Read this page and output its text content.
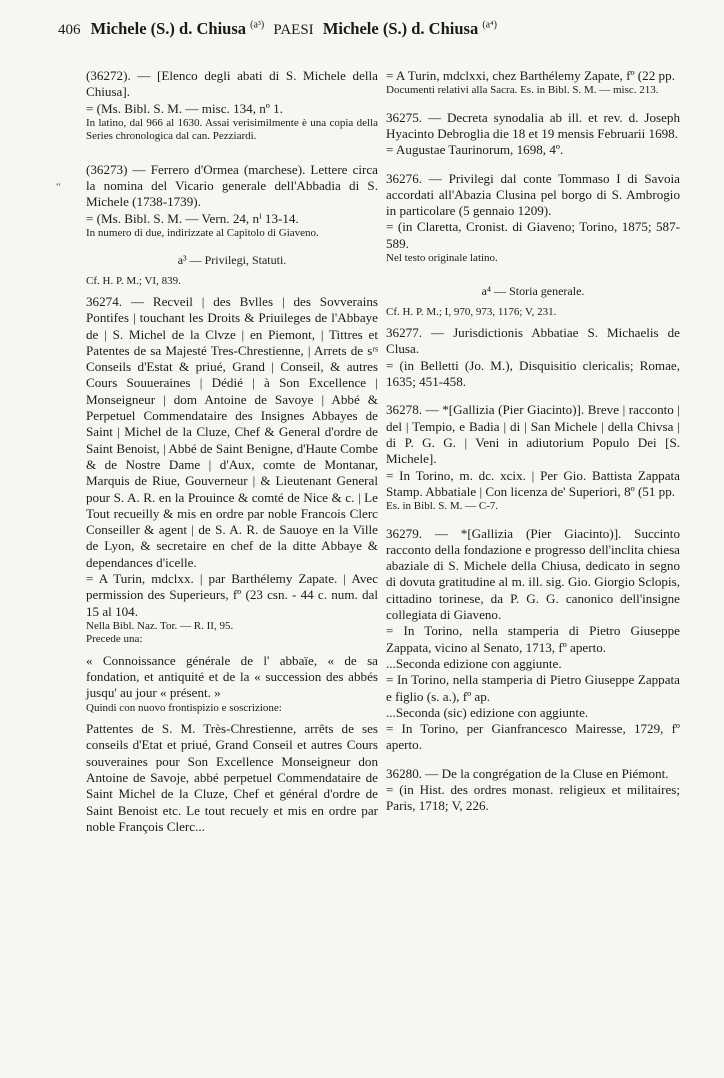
406 Michele (S.) d. Chiusa $^{(a^3)}$ PAESI Michele (S.) d. Chiusa $^{(a^4)}$
“

(36272). — [Elenco degli abati di S. Michele della Chiusa].

= (Ms. Bibl. S. M. — misc. 134, nº 1.

In latino, dal 966 al 1630. Assai verisimilmente è una copia della Series chronologica dal can. Pezziardi.

(36273) — Ferrero d'Ormea (marchese). Lettere circa la nomina del Vicario generale dell'Abbadia di S. Michele (1738-1739).

= (Ms. Bibl. S. M. — Vern. 24, nⁱ 13-14.

In numero di due, indirizzate al Capitolo di Giaveno.

a³ — Privilegi, Statuti.

Cf. H. P. M.; VI, 839.

36274. — Recveil | des Bvlles | des Sovverains Pontifes | touchant les Droits & Priuileges de l'Abbaye de | S. Michel de la Clvze | en Piemont, | Tittres et Patentes de sa Majesté Tres-Chrestienne, | Arrets de sʳˢ Conseils d'Estat & priué, Grand | Conseil, & autres Cours Souueraines | Dédié | à Son Excellence | Monseigneur | dom Antoine de Savoye | Abbé & Perpetuel Commendataire des Insignes Abbayes de Saint | Michel de la Cluze, Chef & General d'ordre de Saint Benoist, | Abbé de Saint Benigne, d'Haute Combe & de Nostre Dame | d'Aux, comte de Montanar, Marquis de Riue, Gouverneur | & Lieutenant General pour S. A. R. en la Prouince & comté de Nice & c. | Le Tout recueilly & mis en ordre par noble Francois Clerc Conseiller & agent | de S. A. R. de Sauoye en la Ville de Lyon, & secretaire en chef de la ditte Abbaye & dependances d'icelle.

= A Turin, mdclxx. | par Barthélemy Zapate. | Avec permission des Superieurs, fº (23 csn. - 44 c. num. dal 15 al 104.

Nella Bibl. Naz. Tor. — R. II, 95.

Precede una:

« Connoissance générale de l' abbaïe, « de sa fondation, et antiquité et de la « succession des abbés jusqu' au jour « présent. »

Quindi con nuovo frontispizio e soscrizione:

Pattentes de S. M. Très-Chrestienne, arrêts de ses conseils d'Etat et priué, Grand Conseil et autres Cours souveraines pour Son Excellence Monseigneur don Antoine de Savoje, abbé perpetuel Commendataire de Saint Michel de la Cluze, Chef et général d'ordre de Saint Benoist etc. Le tout recuely et mis en ordre par noble François Clerc...

= A Turin, mdclxxi, chez Barthélemy Zapate, fº (22 pp.

Documenti relativi alla Sacra. Es. in Bibl. S. M. — misc. 213.

36275. — Decreta synodalia ab ill. et rev. d. Joseph Hyacinto Debroglia die 18 et 19 mensis Februarii 1698.

= Augustae Taurinorum, 1698, 4º.

36276. — Privilegi dal conte Tommaso I di Savoia accordati all'Abazia Clusina pel borgo di S. Ambrogio in particolare (5 gennaio 1209).

= (in Claretta, Cronist. di Giaveno; Torino, 1875; 587-589.

Nel testo originale latino.

a⁴ — Storia generale.

Cf. H. P. M.; I, 970, 973, 1176; V, 231.

36277. — Jurisdictionis Abbatiae S. Michaelis de Clusa.

= (in Belletti (Jo. M.), Disquisitio clericalis; Romae, 1635; 451-458.

36278. — *[Gallizia (Pier Giacinto)]. Breve | racconto | del | Tempio, e Badia | di | San Michele | della Chivsa | di P. G. G. | Veni in adiutorium Populo Dei [S. Michele].

= In Torino, m. dc. xcix. | Per Gio. Battista Zappata Stamp. Abbatiale | Con licenza de' Superiori, 8º (51 pp.

Es. in Bibl. S. M. — C-7.

36279. — *[Gallizia (Pier Giacinto)]. Succinto racconto della fondazione e progresso dell'inclita chiesa abaziale di S. Michele della Chiusa, dedicato in segno di dovuta gratitudine al m. ill. sig. Gio. Giorgio Sclopis, cittadino torinese, da P. G. G. canonico dell'insigne collegiata di Giaveno.

= In Torino, nella stamperia di Pietro Giuseppe Zappata, vicino al Senato, 1713, fº aperto.

...Seconda edizione con aggiunte.

= In Torino, nella stamperia di Pietro Giuseppe Zappata e figlio (s. a.), fº ap.

...Seconda (sic) edizione con aggiunte.

= In Torino, per Gianfrancesco Mairesse, 1729, fº aperto.

36280. — De la congrégation de la Cluse en Piémont.

= (in Hist. des ordres monast. religieux et militaires; Paris, 1718; V, 226.
